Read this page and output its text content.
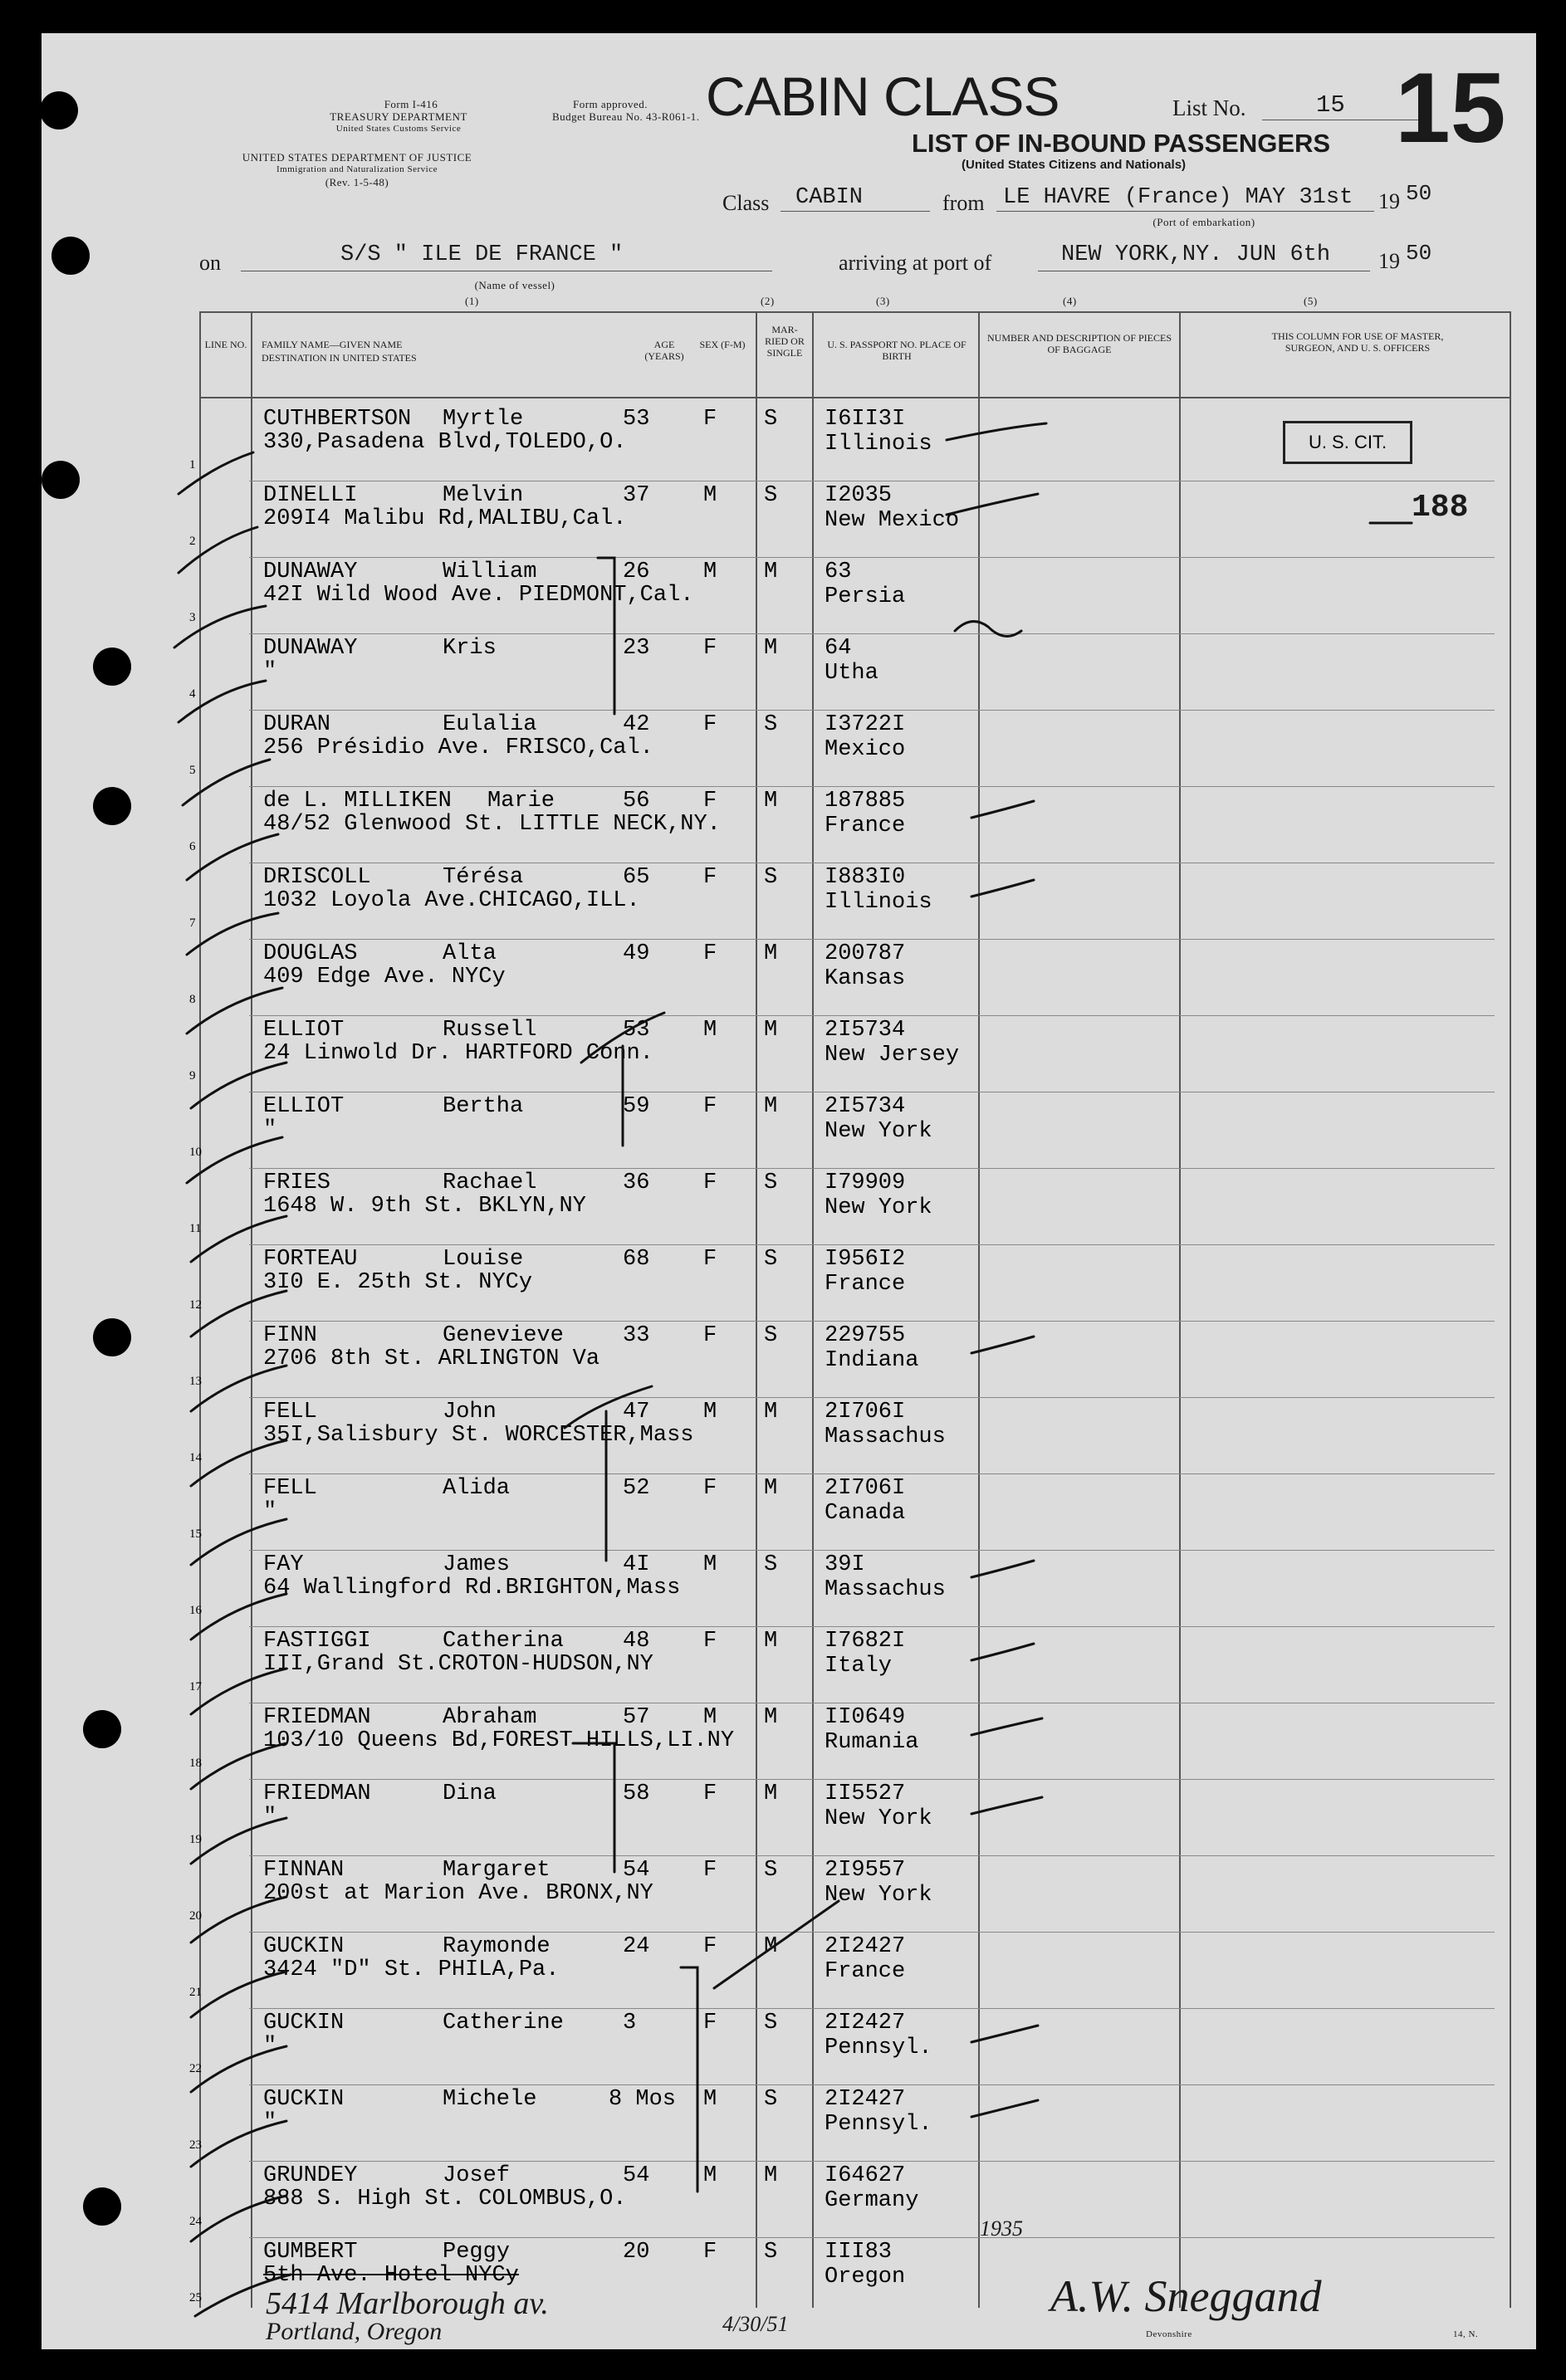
Form I-416
TREASURY DEPARTMENT
United States Customs Service
UNITED STATES DEPARTMENT OF JUSTICE
Immigration and Naturalization Service
(Rev. 1-5-48)
Form approved.
Budget Bureau No. 43-R061-1. CABIN CLASS
LIST OF IN-BOUND PASSENGERS
(United States Citizens and Nationals)
List No.	15 15
Class CABIN	from LE HAVRE (France) MAY 31st
(Port of embarkation)
19 50
on	S/S " ILE DE FRANCE "
(Name of vessel)
arriving at port of	NEW YORK,NY. JUN 6th 19 50
(1)	(2)	(3)	(4)	(5)
LINE NO. FAMILY NAME—GIVEN NAME
DESTINATION IN UNITED STATES
AGE (YEARS)
SEX (F-M)
MAR- RIED OR SINGLE
U. S. PASSPORT NO. PLACE OF BIRTH
NUMBER AND DESCRIPTION OF PIECES OF BAGGAGE
THIS COLUMN FOR USE OF MASTER, SURGEON, AND U. S. OFFICERS
U. S. CIT.
188
1
CUTHBERTSON Myrtle	53 F S I6II3I
330,Pasadena Blvd,TOLEDO,O.	Illinois
2
DINELLI	Melvin	37 M S I2035
209I4 Malibu Rd,MALIBU,Cal.	New Mexico
3
DUNAWAY	William	26 M M 63
42I Wild Wood Ave. PIEDMONT,Cal.	Persia
4
DUNAWAY	Kris	23 F M 64
"	Utha
5
DURAN	Eulalia	42 F S I3722I
256 Présidio Ave. FRISCO,Cal.	Mexico
6
de L. MILLIKEN Marie	56 F M 187885
48/52 Glenwood St. LITTLE NECK,NY.	France
7
DRISCOLL	Térésa	65 F S I883I0
1032 Loyola Ave.CHICAGO,ILL.	Illinois
8
DOUGLAS	Alta	49 F M 200787
409 Edge Ave. NYCy	Kansas
9
ELLIOT	Russell	53 M M 2I5734
24 Linwold Dr. HARTFORD Conn.	New Jersey
10
ELLIOT	Bertha	59 F M 2I5734
"	New York
11
FRIES	Rachael	36 F S I79909
1648 W. 9th St. BKLYN,NY	New York
12
FORTEAU	Louise	68 F S I956I2
3I0 E. 25th St. NYCy	France
13
FINN	Genevieve	33 F S 229755
2706 8th St. ARLINGTON Va	Indiana
14
FELL	John	47 M M 2I706I
35I,Salisbury St. WORCESTER,Mass	Massachus
15
FELL	Alida	52 F M 2I706I
"	Canada
16
FAY	James	4I M S 39I
64 Wallingford Rd.BRIGHTON,Mass	Massachus
17
FASTIGGI	Catherina	48 F M I7682I
III,Grand St.CROTON-HUDSON,NY	Italy
18
FRIEDMAN	Abraham	57 M M II0649
103/10 Queens Bd,FOREST HILLS,LI.NY	Rumania
19
FRIEDMAN	Dina	58 F M II5527
"	New York
20
FINNAN	Margaret	54 F S 2I9557
200st at Marion Ave. BRONX,NY	New York
21
GUCKIN	Raymonde	24 F M 2I2427
3424 "D" St. PHILA,Pa.	France
22
GUCKIN	Catherine	3	F S 2I2427
"	Pennsyl.
23
GUCKIN	Michele	8 Mos M S 2I2427
"	Pennsyl.
24
GRUNDEY	Josef	54 M M I64627
888 S. High St. COLOMBUS,O.	Germany
25
GUMBERT	Peggy	20 F S III83
5th Ave. Hotel NYCy	Oregon
1935
5414 Marlborough av.
Portland, Oregon	4/30/51
A.W. Sneggand
Devonshire	14, N.
